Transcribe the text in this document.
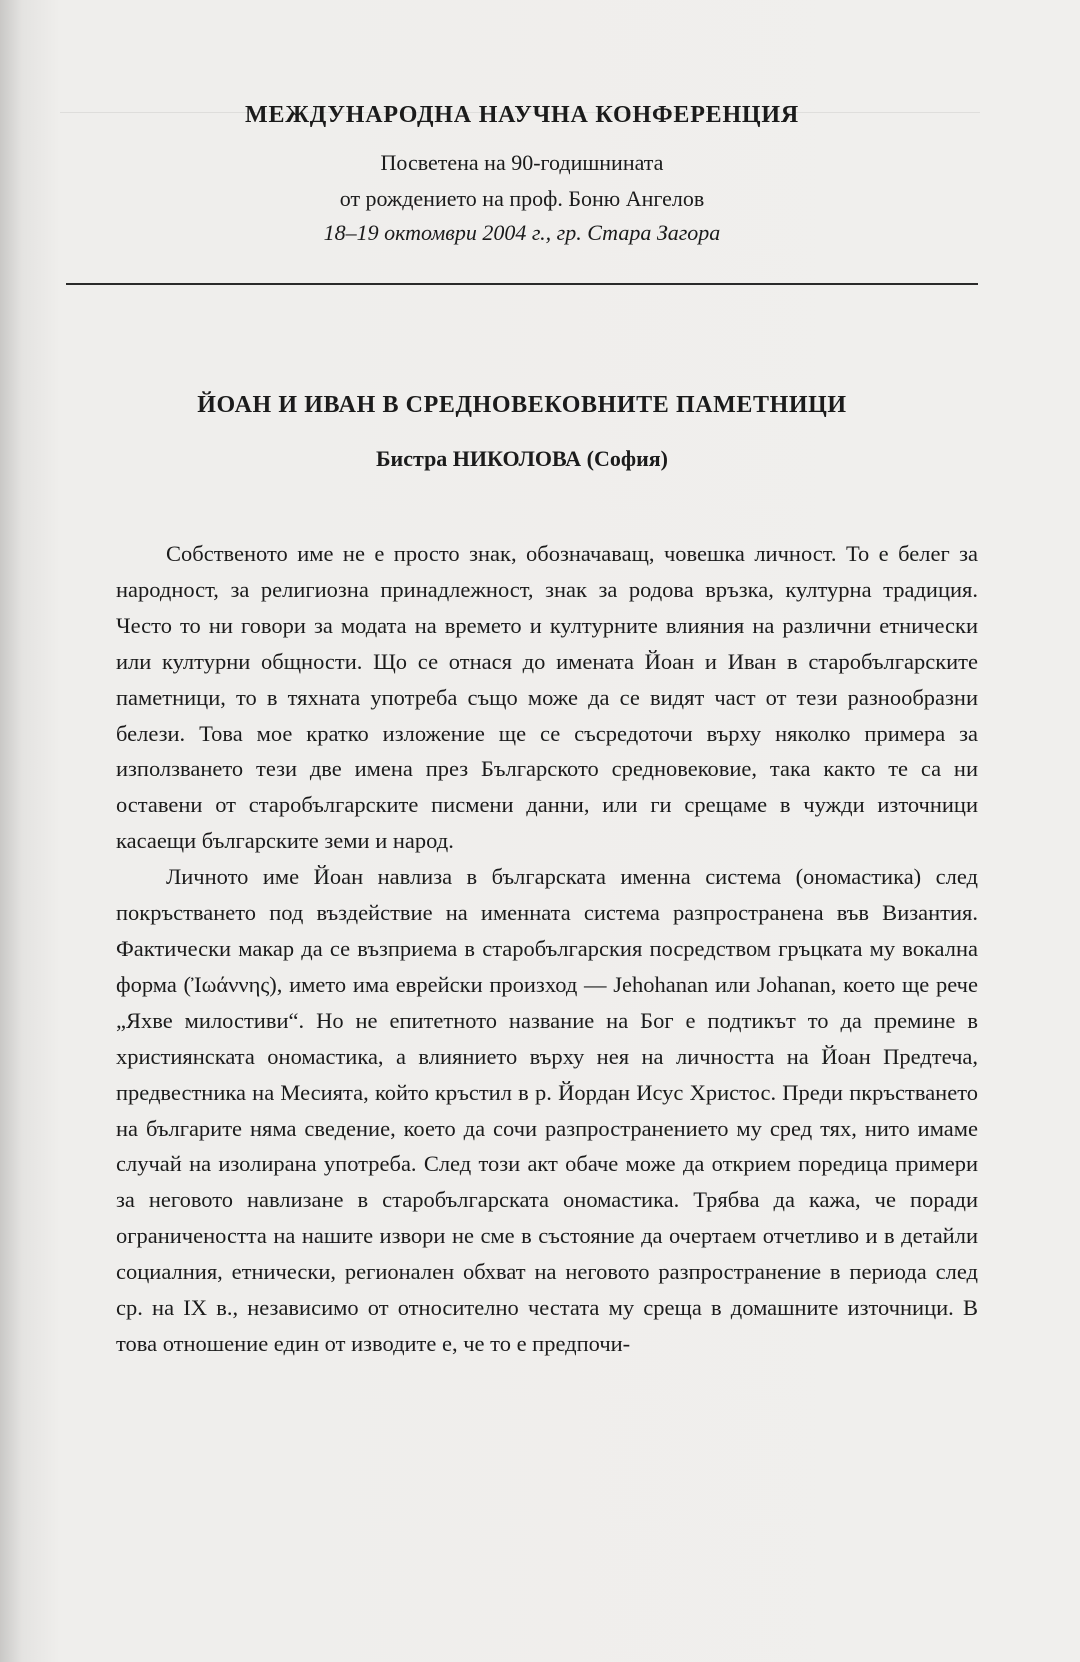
МЕЖДУНАРОДНА НАУЧНА КОНФЕРЕНЦИЯ
Посветена на 90-годишнината
от рождението на проф. Боню Ангелов
18–19 октомври 2004 г., гр. Стара Загора
ЙОАН И ИВАН В СРЕДНОВЕКОВНИТЕ ПАМЕТНИЦИ
Бистра НИКОЛОВА (София)

Собственото име не е просто знак, обозначаващ, човешка личност. То е белег за народност, за религиозна принадлежност, знак за родова връзка, културна традиция. Често то ни говори за модата на времето и културните влияния на различни етнически или културни общности. Що се отнася до имената Йоан и Иван в старобългарските паметници, то в тяхната употреба също може да се видят част от тези разнообразни белези. Това мое кратко изложение ще се съсредоточи върху няколко примера за използването тези две имена през Българското средновековие, така както те са ни оставени от старобългарските писмени данни, или ги срещаме в чужди източници касаещи българските земи и народ.

Личното име Йоан навлиза в българската именна система (ономастика) след покръстването под въздействие на именната система разпространена във Византия. Фактически макар да се възприема в старобългарския посредством гръцката му вокална форма (Ἰωάννης), името има еврейски произход — Jehohanan или Johanan, което ще рече „Яхве милостиви“. Но не епитетното название на Бог е подтикът то да премине в християнската ономастика, а влиянието върху нея на личността на Йоан Предтеча, предвестника на Месията, който кръстил в р. Йордан Исус Христос. Преди пкръстването на българите няма сведение, което да сочи разпространението му сред тях, нито имаме случай на изолирана употреба. След този акт обаче може да открием поредица примери за неговото навлизане в старобългарската ономастика. Трябва да кажа, че поради ограничеността на нашите извори не сме в състояние да очертаем отчетливо и в детайли социалния, етнически, регионален обхват на неговото разпространение в периода след ср. на IX в., независимо от относително честата му среща в домашните източници. В това отношение един от изводите е, че то е предпочи-
